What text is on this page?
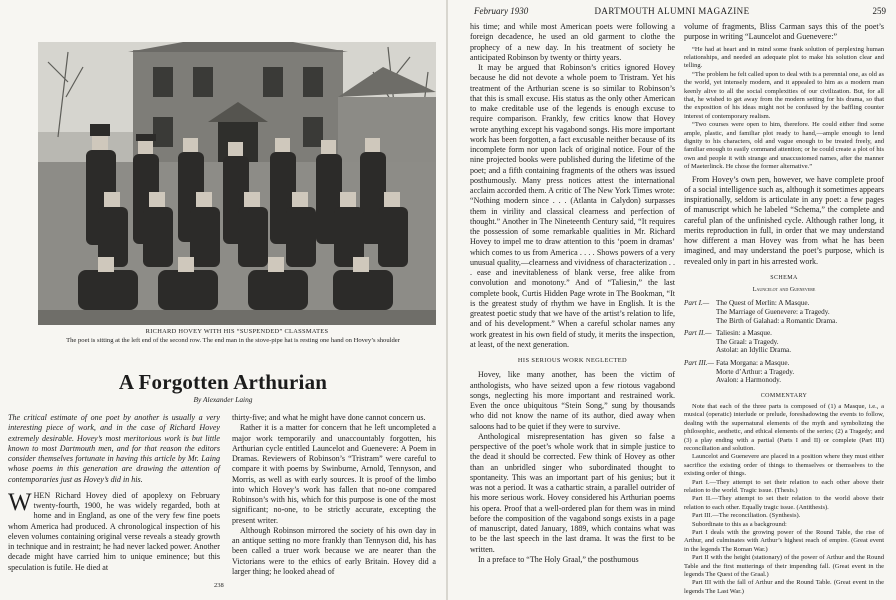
RICHARD HOVEY WITH HIS “SUSPENDED” CLASSMATES
The poet is sitting at the left end of the second row. The end man in the stove-pipe hat is resting one hand on Hovey’s shoulder
A Forgotten Arthurian
By Alexander Laing

The critical estimate of one poet by another is usually a very interesting piece of work, and in the case of Richard Hovey extremely desirable. Hovey’s most meritorious work is but little known to most Dartmouth men, and for that reason the editors consider themselves fortunate in having this article by Mr. Laing whose poems in this generation are drawing the attention of contemporaries just as Hovey’s did in his.

WHEN Richard Hovey died of apoplexy on February twenty-fourth, 1900, he was widely regarded, both at home and in England, as one of the very few fine poets whom America had produced. A chronological inspection of his eleven volumes containing original verse reveals a steady growth in technique and in restraint; he had never lacked power. Another decade might have carried him to unique eminence; but this speculation is futile. He died at

thirty-five; and what he might have done cannot concern us.

Rather it is a matter for concern that he left uncompleted a major work temporarily and unaccountably forgotten, his Arthurian cycle entitled Launcelot and Guenevere: A Poem in Dramas. Reviewers of Robinson’s “Tristram” were careful to compare it with poems by Swinburne, Arnold, Tennyson, and Morris, as well as with early sources. It is proof of the limbo into which Hovey’s work has fallen that no-one compared Robinson’s with his, which for this purpose is one of the most significant; no-one, to be strictly accurate, excepting the present writer.

Although Robinson mirrored the society of his own day in an antique setting no more frankly than Tennyson did, his has been called a truer work because we are nearer than the Victorians were to the ethics of early Britain. Hovey did a larger thing; he looked ahead of

238
February 1930	DARTMOUTH ALUMNI MAGAZINE	259

his time; and while most American poets were following a foreign decadence, he used an old garment to clothe the prophecy of a new day. In his treatment of society he anticipated Robinson by twenty or thirty years.

It may be argued that Robinson’s critics ignored Hovey because he did not devote a whole poem to Tristram. Yet his treatment of the Arthurian scene is so similar to Robinson’s that this is small excuse. His status as the only other American to make creditable use of the legends is enough excuse to require comparison. Frankly, few critics know that Hovey wrote anything except his vagabond songs. His more important work has been forgotten, a fact excusable neither because of its incomplete form nor upon lack of original notice. Four of the nine projected books were published during the lifetime of the poet; and a fifth containing fragments of the others was issued posthumously. Many press notices attest the international acclaim accorded them. A critic of The New York Times wrote: “Nothing modern since . . . (Atlanta in Calydon) surpasses them in virility and classical clearness and perfection of thought.” Another in The Nineteenth Century said, “It requires the possession of some remarkable qualities in Mr. Richard Hovey to impel me to draw attention to this ‘poem in dramas’ which comes to us from America . . . . Shows powers of a very unusual quality,—clearness and vividness of characterization . . . ease and inevitableness of blank verse, free alike from convolution and monotony.” And of “Taliesin,” the last complete book, Curtis Hidden Page wrote in The Bookman, “It is the greatest study of rhythm we have in English. It is the greatest poetic study that we have of the artist’s relation to life, and of his development.” When a careful scholar names any work greatest in his own field of study, it merits the inspection, at least, of the next generation.

HIS SERIOUS WORK NEGLECTED

Hovey, like many another, has been the victim of anthologists, who have seized upon a few riotous vagabond songs, neglecting his more important and restrained work. Even the once ubiquitous “Stein Song,” sung by thousands who did not know the name of its author, died away when saloons had to be quiet if they were to survive.

Anthological misrepresentation has given so false a perspective of the poet’s whole work that in simple justice to the dead it should be corrected. Few think of Hovey as other than an unbridled singer who subordinated thought to spontaneity. This was an important part of his genius; but it was not a period. It was a cathartic strain, a parallel outrider of his more serious work. Hovey considered his Arthurian poems his opera. Proof that a well-ordered plan for them was in mind before the composition of the vagabond songs exists in a page of manuscript, dated January, 1889, which contains what was to be the last speech in the last drama. It was the first to be written.

In a preface to “The Holy Graal,” the posthumous

volume of fragments, Bliss Carman says this of the poet’s purpose in writing “Launcelot and Guenevere:”

“He had at heart and in mind some frank solution of perplexing human relationships, and needed an adequate plot to make his solution clear and telling.

“The problem he felt called upon to deal with is a perennial one, as old as the world, yet intensely modern, and it appealed to him as a modern man keenly alive to all the social complexities of our civilization. But, for all that, he wished to get away from the modern setting for his drama, so that the exposition of his ideas might not be confused by the baffling counter interest of contemporary realism.

“Two courses were open to him, therefore. He could either find some ample, plastic, and familiar plot ready to hand,—ample enough to lend dignity to his characters, old and vague enough to be treated freely, and familiar enough to easily command attention; or he could create a plot of his own and people it with strange and unaccustomed names, after the manner of Maeterlinck. He chose the former alternative.”

From Hovey’s own pen, however, we have complete proof of a social intelligence such as, although it sometimes appears inspirationally, seldom is articulate in any poet: a few pages of manuscript which he labeled “Schema,” the complete and careful plan of the unfinished cycle. Although rather long, it merits reproduction in full, in order that we may understand how different a man Hovey was from what he has been imagined, and may understand the poet’s purpose, which is revealed only in part in his arrested work.

SCHEMA
Launcelot and Guenevere
Part I.— The Quest of Merlin: A Masque.
The Marriage of Guenevere: a Tragedy.
The Birth of Galahad: a Romantic Drama.
Part II.— Taliesin: a Masque.
The Graal: a Tragedy.
Astolat: an Idyllic Drama.
Part III.— Fata Morgana: a Masque.
Morte d’Arthur: a Tragedy.
Avalon: a Harmonody.
COMMENTARY

Note that each of the three parts is composed of (1) a Masque, i.e., a musical (operatic) interlude or prelude, foreshadowing the events to follow, dealing with the supernatural elements of the myth and symbolizing the philosophic, aesthetic, and ethical elements of the series; (2) a Tragedy; and (3) a play ending with a partial (Parts I and II) or complete (Part III) reconciliation and solution.

Launcelot and Guenevere are placed in a position where they must either sacrifice the existing order of things to themselves or themselves to the existing order of things.

Part I.—They attempt to set their relation to each other above their relation to the world. Tragic issue. (Thesis.)

Part II.—They attempt to set their relation to the world above their relation to each other. Equally tragic issue. (Antithesis).

Part III.—The reconciliation. (Synthesis).

Subordinate to this as a background:

Part I deals with the growing power of the Round Table, the rise of Arthur, and culminates with Arthur’s highest reach of empire. (Great event in the legends The Roman War.)

Part II with the height (stationary) of the power of Arthur and the Round Table and the first mutterings of their impending fall. (Great event in the legends The Quest of the Graal.)

Part III with the fall of Arthur and the Round Table. (Great event in the legends The Last War.)
